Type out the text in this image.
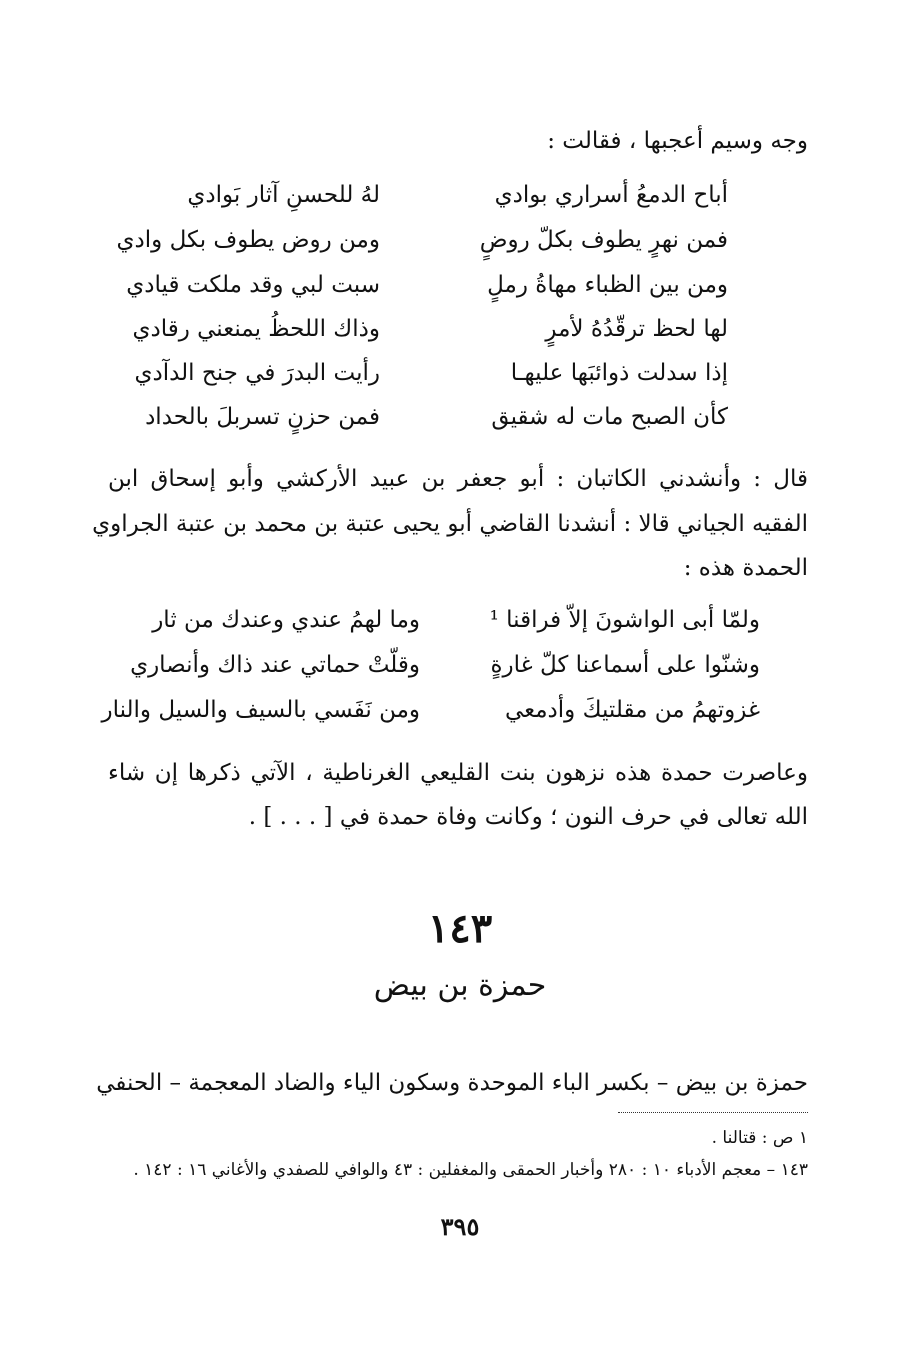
وجه وسيم أعجبها ، فقالت :
أباح الدمعُ أسراري بوادي
لهُ للحسنِ آثار بَوادي
فمن نهرٍ يطوف بكلّ روضٍ
ومن روض يطوف بكل وادي
ومن بين الظباء مهاةُ رملٍ
سبت لبي وقد ملكت قيادي
لها لحظ ترقّدُهُ لأمرٍ
وذاك اللحظُ يمنعني رقادي
إذا سدلت ذوائبَها عليهـا
رأيت البدرَ في جنح الدآدي
كأن الصبح مات له شقيق
فمن حزنٍ تسربلَ بالحداد
قال : وأنشدني الكاتبان : أبو جعفر بن عبيد الأركشي وأبو إسحاق ابن
الفقيه الجياني قالا : أنشدنا القاضي أبو يحيى عتبة بن محمد بن عتبة الجراوي
الحمدة هذه :
ولمّا أبى الواشونَ إلاّ فراقنا ¹
وما لهمُ عندي وعندك من ثار
وشنّوا على أسماعنا كلّ غارةٍ
وقلّتْ حماتي عند ذاك وأنصاري
غزوتهمُ من مقلتيكَ وأدمعي
ومن نَفَسي بالسيف والسيل والنار
وعاصرت حمدة هذه نزهون بنت القليعي الغرناطية ، الآتي ذكرها إن شاء
الله تعالى في حرف النون ؛ وكانت وفاة حمدة في [ . . . ] .
١٤٣
حمزة بن بيض
حمزة بن بيض – بكسر الباء الموحدة وسكون الياء والضاد المعجمة – الحنفي
١ ص : قتالنا .
١٤٣ – معجم الأدباء ١٠ : ٢٨٠ وأخبار الحمقى والمغفلين : ٤٣ والوافي للصفدي والأغاني ١٦ : ١٤٢ .
٣٩٥
